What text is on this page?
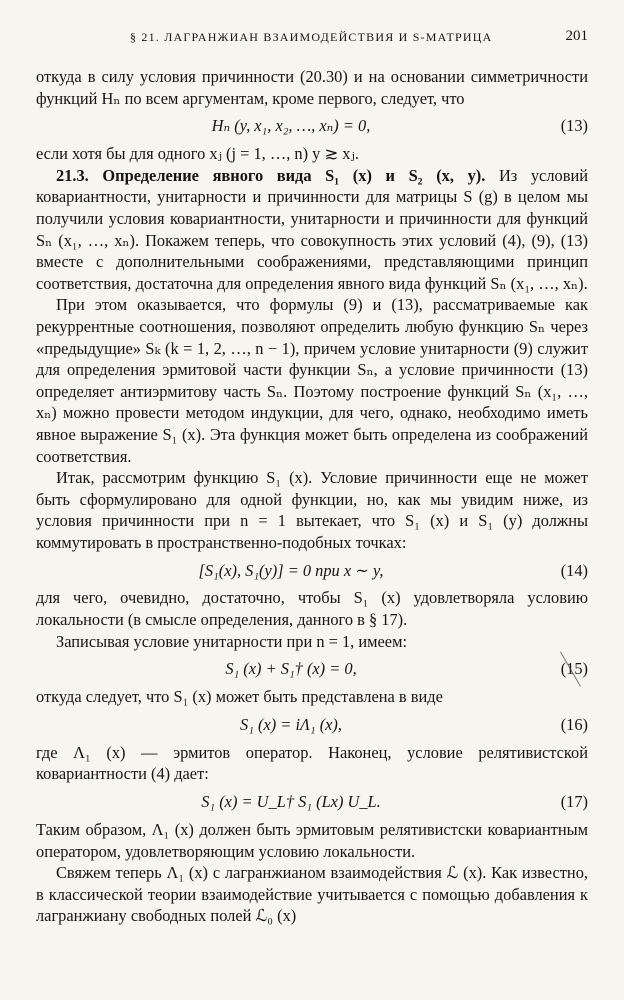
§ 21. ЛАГРАНЖИАН ВЗАИМОДЕЙСТВИЯ И S-МАТРИЦА	201

откуда в силу условия причинности (20.30) и на основании симметричности функций Hₙ по всем аргументам, кроме первого, следует, что

Hₙ (y, x₁, x₂, …, xₙ) = 0,	(13)

если хотя бы для одного xⱼ (j = 1, …, n) y ≳ xⱼ.

21.3. Определение явного вида S₁ (x) и S₂ (x, y). Из условий ковариантности, унитарности и причинности для матрицы S (g) в целом мы получили условия ковариантности, унитарности и причинности для функций Sₙ (x₁, …, xₙ). Покажем теперь, что совокупность этих условий (4), (9), (13) вместе с дополнительными соображениями, представляющими принцип соответствия, достаточна для определения явного вида функций Sₙ (x₁, …, xₙ).

При этом оказывается, что формулы (9) и (13), рассматриваемые как рекуррентные соотношения, позволяют определить любую функцию Sₙ через «предыдущие» Sₖ (k = 1, 2, …, n − 1), причем условие унитарности (9) служит для определения эрмитовой части функции Sₙ, а условие причинности (13) определяет антиэрмитову часть Sₙ. Поэтому построение функций Sₙ (x₁, …, xₙ) можно провести методом индукции, для чего, однако, необходимо иметь явное выражение S₁ (x). Эта функция может быть определена из соображений соответствия.

Итак, рассмотрим функцию S₁ (x). Условие причинности еще не может быть сформулировано для одной функции, но, как мы увидим ниже, из условия причинности при n = 1 вытекает, что S₁ (x) и S₁ (y) должны коммутировать в пространственно-подобных точках:

[S₁(x), S₁(y)] = 0 при x ∼ y,	(14)

для чего, очевидно, достаточно, чтобы S₁ (x) удовлетворяла условию локальности (в смысле определения, данного в § 17).

Записывая условие унитарности при n = 1, имеем:

S₁ (x) + S₁† (x) = 0,	(15)

откуда следует, что S₁ (x) может быть представлена в виде

S₁ (x) = iΛ₁ (x),	(16)

где Λ₁ (x) — эрмитов оператор. Наконец, условие релятивистской ковариантности (4) дает:

S₁ (x) = U_L† S₁ (Lx) U_L.	(17)

Таким образом, Λ₁ (x) должен быть эрмитовым релятивистски ковариантным оператором, удовлетворяющим условию локальности.

Свяжем теперь Λ₁ (x) с лагранжианом взаимодействия ℒ (x). Как известно, в классической теории взаимодействие учитывается с помощью добавления к лагранжиану свободных полей ℒ₀ (x)
